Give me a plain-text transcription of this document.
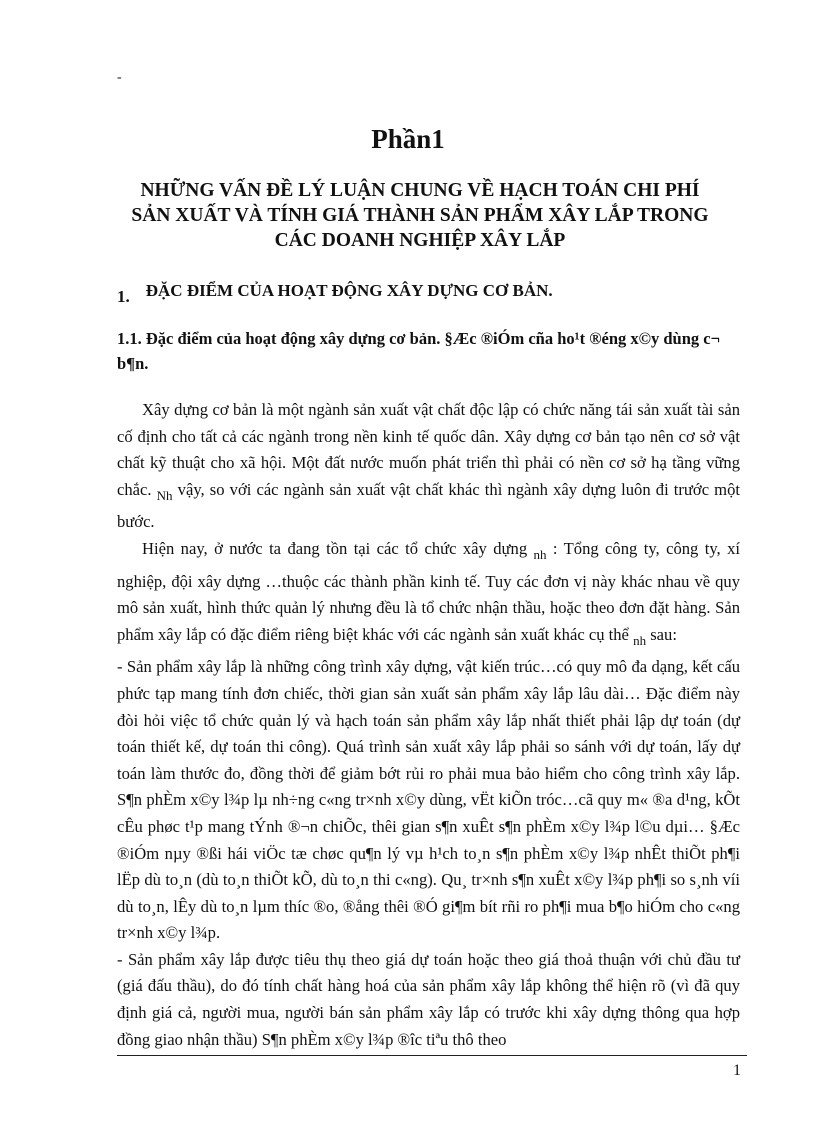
-
Phần1
NHỮNG VẤN ĐỀ LÝ LUẬN CHUNG VỀ HẠCH TOÁN CHI PHÍ SẢN XUẤT VÀ TÍNH GIÁ THÀNH SẢN PHẨM XÂY LẮP TRONG CÁC DOANH NGHIỆP XÂY LẮP
1. ĐẶC ĐIỂM CỦA HOẠT ĐỘNG XÂY DỰNG CƠ BẢN.
1.1. Đặc điểm của hoạt động xây dựng cơ bản. §Æc ®iÓm cña ho¹t ®éng x©y dùng c¬ b¶n.

Xây dựng cơ bản là một ngành sản xuất vật chất độc lập có chức năng tái sản xuất tài sản cố định cho tất cả các ngành trong nền kinh tế quốc dân. Xây dựng cơ bản tạo nên cơ sở vật chất kỹ thuật cho xã hội. Một đất nước muốn phát triển thì phải có nền cơ sở hạ tầng vững chắc. $_{Nh}$ vậy, so với các ngành sản xuất vật chất khác thì ngành xây dựng luôn đi trước một bước.

Hiện nay, ở nước ta đang tồn tại các tổ chức xây dựng $_{nh}$ : Tổng công ty, công ty, xí nghiệp, đội xây dựng …thuộc các thành phần kinh tế. Tuy các đơn vị này khác nhau về quy mô sản xuất, hình thức quản lý nhưng đều là tổ chức nhận thầu, hoặc theo đơn đặt hàng. Sản phẩm xây lắp có đặc điểm riêng biệt khác với các ngành sản xuất khác cụ thể $_{nh}$ sau:

- Sản phẩm xây lắp là những công trình xây dựng, vật kiến trúc…có quy mô đa dạng, kết cấu phức tạp mang tính đơn chiếc, thời gian sản xuất sản phẩm xây lắp lâu dài… Đặc điểm này đòi hỏi việc tổ chức quản lý và hạch toán sản phẩm xây lắp nhất thiết phải lập dự toán (dự toán thiết kế, dự toán thi công). Quá trình sản xuất xây lắp phải so sánh với dự toán, lấy dự toán làm thước đo, đồng thời để giảm bớt rủi ro phải mua bảo hiểm cho công trình xây lắp. S¶n phÈm x©y l¾p lµ nh÷ng c«ng tr×nh x©y dùng, vËt kiÕn tróc…cã quy m« ®a d¹ng, kÕt cÊu phøc t¹p mang tÝnh ®¬n chiÕc, thêi gian s¶n xuÊt s¶n phÈm x©y l¾p l©u dµi… §Æc ®iÓm nµy ®ßi hái viÖc tæ chøc qu¶n lý vµ h¹ch to¸n s¶n phÈm x©y l¾p nhÊt thiÕt ph¶i lËp dù to¸n (dù to¸n thiÕt kÕ, dù to¸n thi c«ng). Qu¸ tr×nh s¶n xuÊt x©y l¾p ph¶i so s¸nh víi dù to¸n, lÊy dù to¸n lµm thíc ®o, ®ång thêi ®Ó gi¶m bít rñi ro ph¶i mua b¶o hiÓm cho c«ng tr×nh x©y l¾p.

- Sản phẩm xây lắp được tiêu thụ theo giá dự toán hoặc theo giá thoả thuận với chủ đầu tư (giá đấu thầu), do đó tính chất hàng hoá của sản phẩm xây lắp không thể hiện rõ (vì đã quy định giá cả, người mua, người bán sản phẩm xây lắp có trước khi xây dựng thông qua hợp đồng giao nhận thầu) S¶n phÈm x©y l¾p ®îc tiªu thô theo

1
